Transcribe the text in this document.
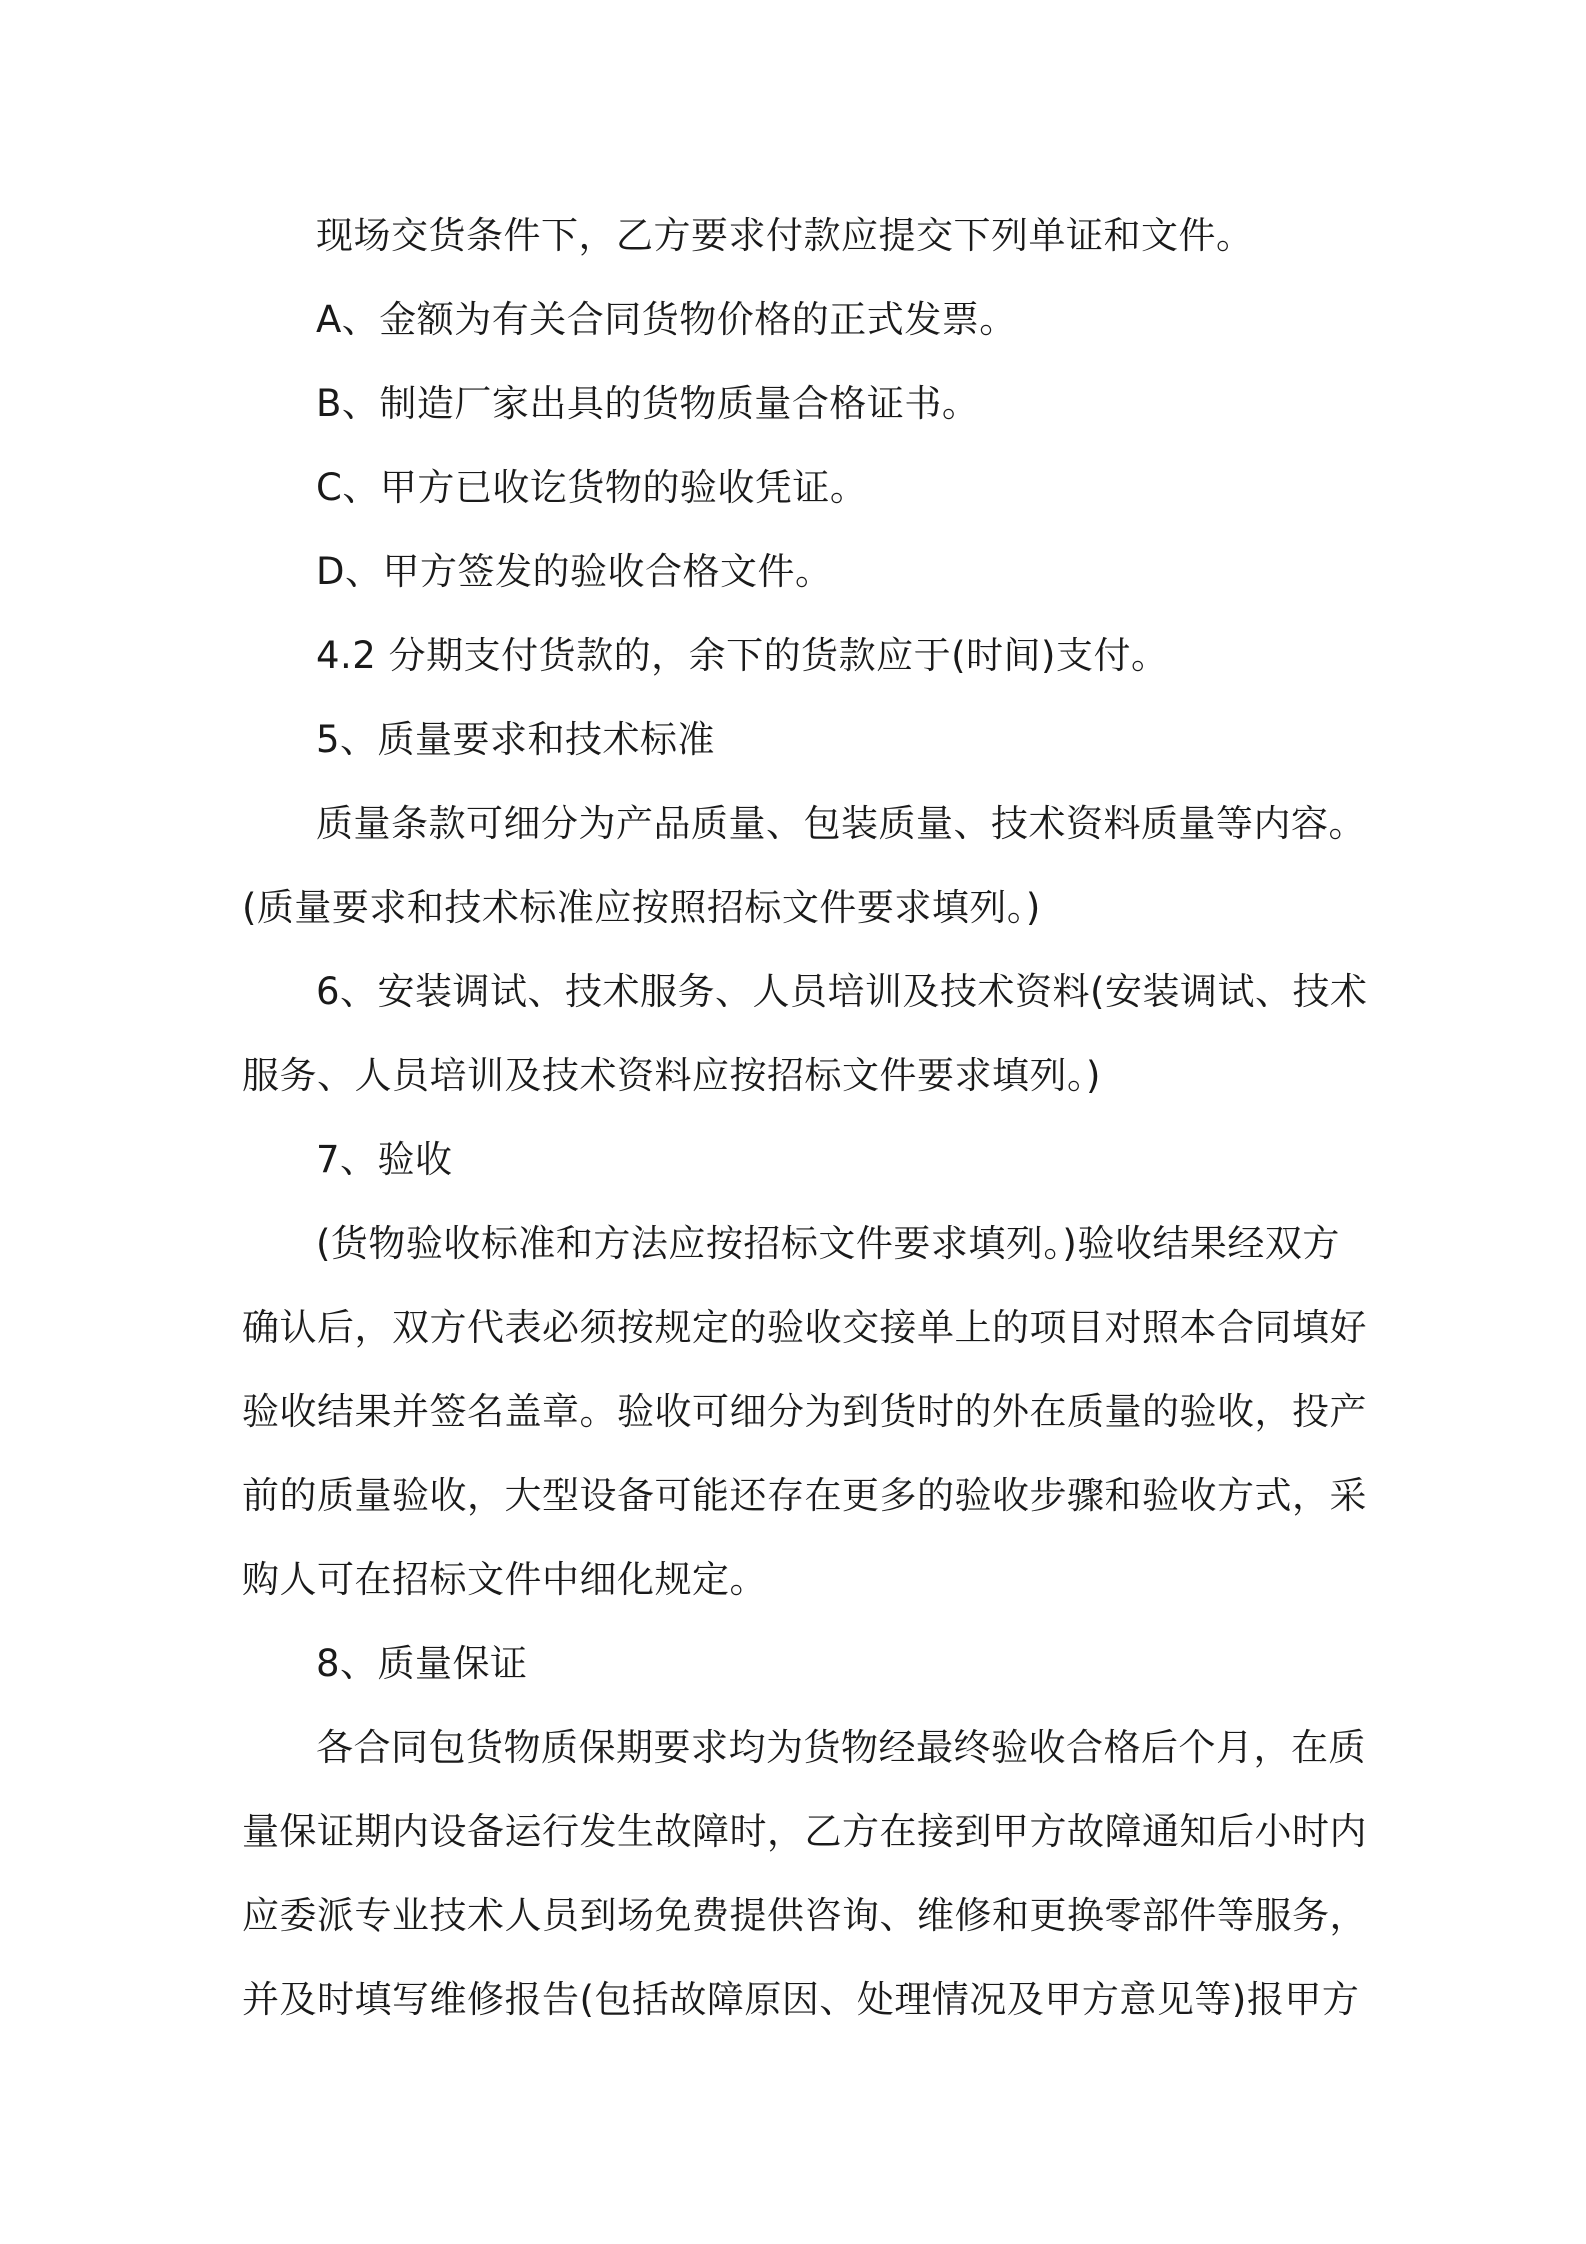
现场交货条件下，乙方要求付款应提交下列单证和文件。
A、金额为有关合同货物价格的正式发票。
B、制造厂家出具的货物质量合格证书。
C、甲方已收讫货物的验收凭证。
D、甲方签发的验收合格文件。
4.2 分期支付货款的，余下的货款应于(时间)支付。
5、质量要求和技术标准
质量条款可细分为产品质量、包装质量、技术资料质量等内容。
(质量要求和技术标准应按照招标文件要求填列。)
6、安装调试、技术服务、人员培训及技术资料(安装调试、技术
服务、人员培训及技术资料应按招标文件要求填列。)
7、验收
(货物验收标准和方法应按招标文件要求填列。)验收结果经双方
确认后，双方代表必须按规定的验收交接单上的项目对照本合同填好
验收结果并签名盖章。验收可细分为到货时的外在质量的验收，投产
前的质量验收，大型设备可能还存在更多的验收步骤和验收方式，采
购人可在招标文件中细化规定。
8、质量保证
各合同包货物质保期要求均为货物经最终验收合格后个月，在质
量保证期内设备运行发生故障时，乙方在接到甲方故障通知后小时内
应委派专业技术人员到场免费提供咨询、维修和更换零部件等服务，
并及时填写维修报告(包括故障原因、处理情况及甲方意见等)报甲方
